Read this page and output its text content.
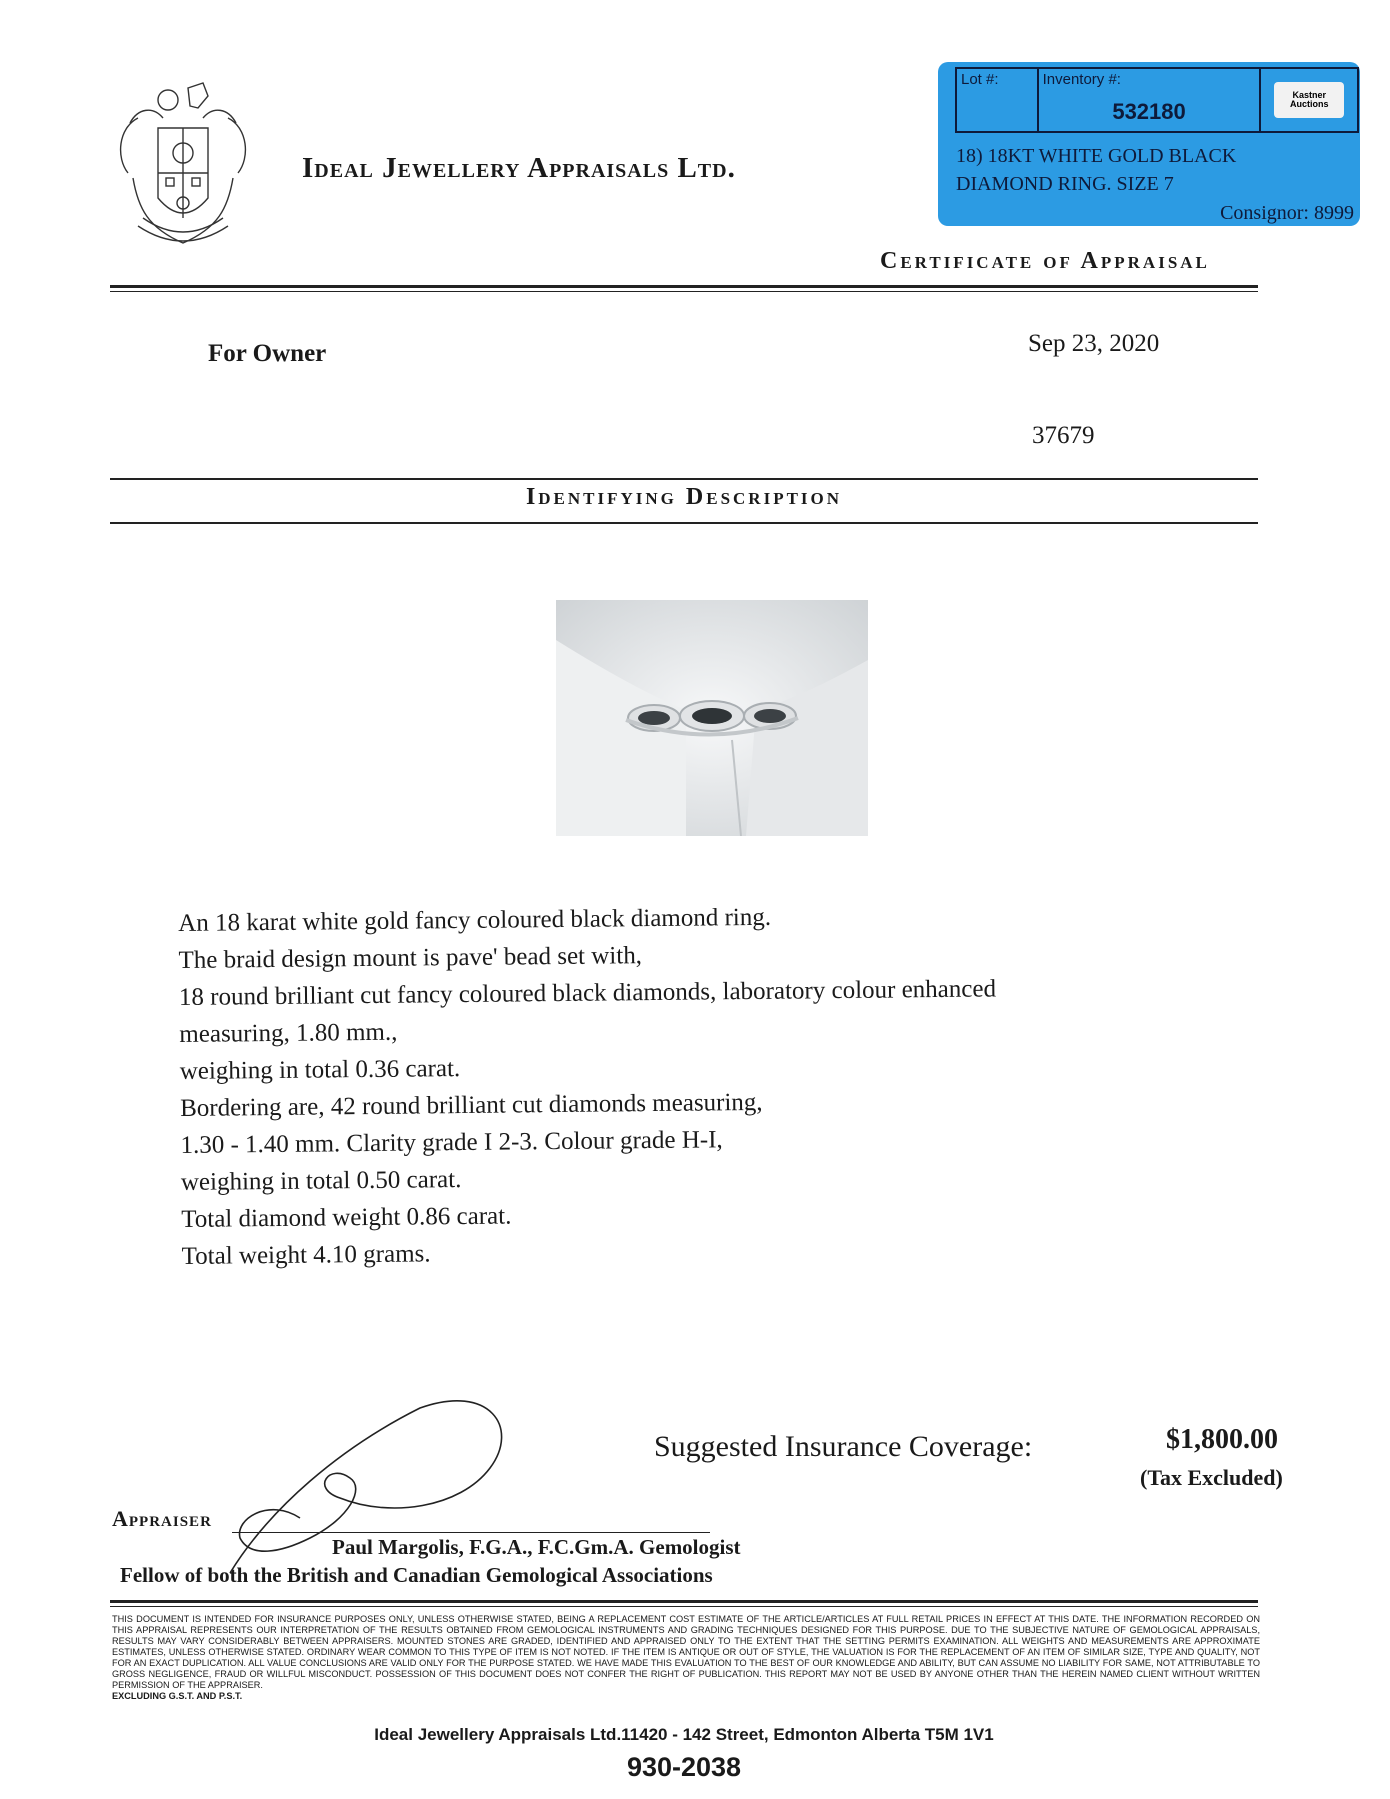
Ideal Jewellery Appraisals Ltd.
Lot #:	Inventory #:
532180
Kastner
Auctions
18) 18KT WHITE GOLD BLACK
DIAMOND RING. SIZE 7
Consignor: 8999
Certificate of Appraisal
For Owner	Sep 23, 2020
37679
Identifying Description
An 18 karat white gold fancy coloured black diamond ring.
The braid design mount is pave' bead set with,
18 round brilliant cut fancy coloured black diamonds, laboratory colour enhanced
measuring, 1.80 mm.,
weighing in total 0.36 carat.
Bordering are, 42 round brilliant cut diamonds measuring,
1.30 - 1.40 mm. Clarity grade I 2-3. Colour grade H-I,
weighing in total 0.50 carat.
Total diamond weight 0.86 carat.
Total weight 4.10 grams.
Suggested Insurance Coverage:	$1,800.00
(Tax Excluded)
Appraiser
Paul Margolis, F.G.A., F.C.Gm.A. Gemologist
Fellow of both the British and Canadian Gemological Associations
THIS DOCUMENT IS INTENDED FOR INSURANCE PURPOSES ONLY, UNLESS OTHERWISE STATED, BEING A REPLACEMENT COST ESTIMATE OF THE ARTICLE/ARTICLES AT FULL RETAIL PRICES IN EFFECT AT THIS DATE. THE INFORMATION RECORDED ON THIS APPRAISAL REPRESENTS OUR INTERPRETATION OF THE RESULTS OBTAINED FROM GEMOLOGICAL INSTRUMENTS AND GRADING TECHNIQUES DESIGNED FOR THIS PURPOSE. DUE TO THE SUBJECTIVE NATURE OF GEMOLOGICAL APPRAISALS, RESULTS MAY VARY CONSIDERABLY BETWEEN APPRAISERS. MOUNTED STONES ARE GRADED, IDENTIFIED AND APPRAISED ONLY TO THE EXTENT THAT THE SETTING PERMITS EXAMINATION. ALL WEIGHTS AND MEASUREMENTS ARE APPROXIMATE ESTIMATES, UNLESS OTHERWISE STATED. ORDINARY WEAR COMMON TO THIS TYPE OF ITEM IS NOT NOTED. IF THE ITEM IS ANTIQUE OR OUT OF STYLE, THE VALUATION IS FOR THE REPLACEMENT OF AN ITEM OF SIMILAR SIZE, TYPE AND QUALITY, NOT FOR AN EXACT DUPLICATION. ALL VALUE CONCLUSIONS ARE VALID ONLY FOR THE PURPOSE STATED. WE HAVE MADE THIS EVALUATION TO THE BEST OF OUR KNOWLEDGE AND ABILITY, BUT CAN ASSUME NO LIABILITY FOR SAME, NOT ATTRIBUTABLE TO GROSS NEGLIGENCE, FRAUD OR WILLFUL MISCONDUCT. POSSESSION OF THIS DOCUMENT DOES NOT CONFER THE RIGHT OF PUBLICATION. THIS REPORT MAY NOT BE USED BY ANYONE OTHER THAN THE HEREIN NAMED CLIENT WITHOUT WRITTEN PERMISSION OF THE APPRAISER.
EXCLUDING G.S.T. AND P.S.T.
Ideal Jewellery Appraisals Ltd.11420 - 142 Street, Edmonton Alberta T5M 1V1
930-2038
